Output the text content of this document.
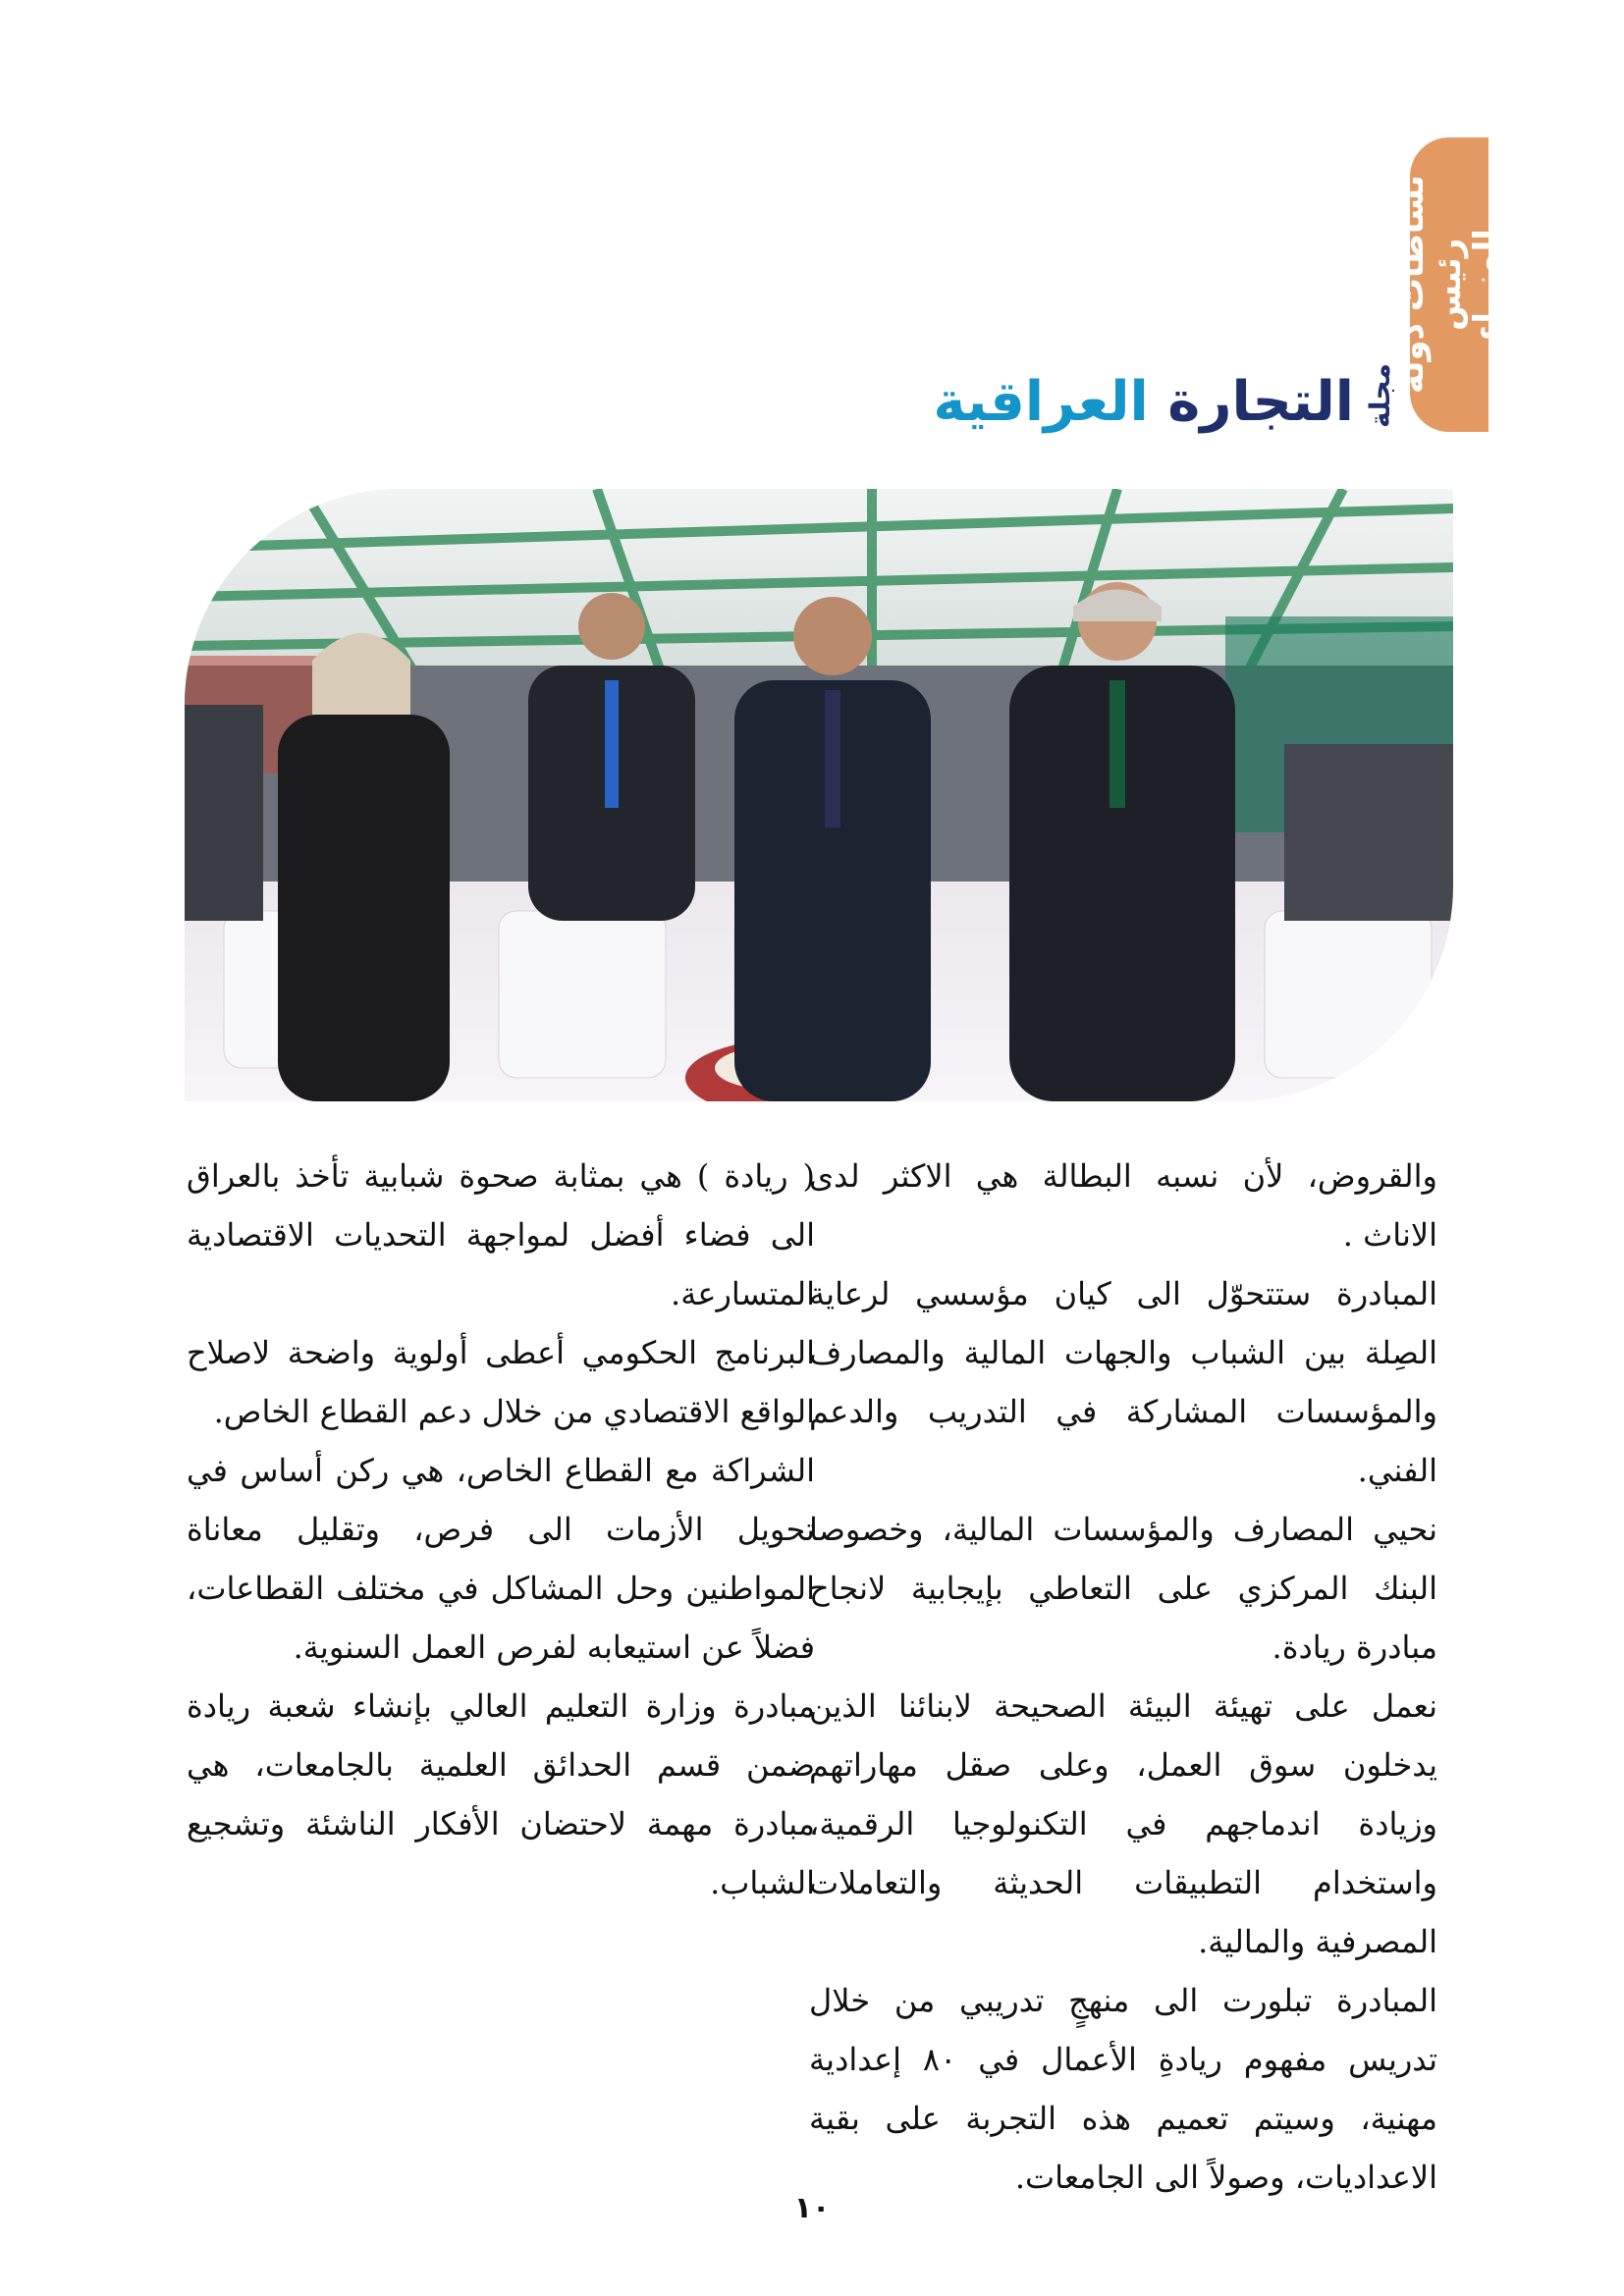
نشاطات دولة رئيس
الوزراء
مجلة
التجارة العراقية

والقروض، لأن نسبه البطالة هي الاكثر لدى الاناث .

المبادرة ستتحوّل الى كيان مؤسسي لرعاية الصِلة بين الشباب والجهات المالية والمصارف والمؤسسات المشاركة في التدريب والدعم الفني.

نحيي المصارف والمؤسسات المالية، وخصوصا البنك المركزي على التعاطي بإيجابية لانجاح مبادرة ريادة.

نعمل على تهيئة البيئة الصحيحة لابنائنا الذين يدخلون سوق العمل، وعلى صقل مهاراتهم وزيادة اندماجهم في التكنولوجيا الرقمية، واستخدام التطبيقات الحديثة والتعاملات المصرفية والمالية.

المبادرة تبلورت الى منهجٍ تدريبي من خلال تدريس مفهوم ريادةِ الأعمال في ٨٠ إعدادية مهنية، وسيتم تعميم هذه التجربة على بقية الاعداديات، وصولاً الى الجامعات.

( ريادة ) هي بمثابة صحوة شبابية تأخذ بالعراق الى فضاء أفضل لمواجهة التحديات الاقتصادية المتسارعة.

البرنامج الحكومي أعطى أولوية واضحة لاصلاح الواقع الاقتصادي من خلال دعم القطاع الخاص.

الشراكة مع القطاع الخاص، هي ركن أساس في تحويل الأزمات الى فرص، وتقليل معاناة المواطنين وحل المشاكل في مختلف القطاعات، فضلاً عن استيعابه لفرص العمل السنوية.

مبادرة وزارة التعليم العالي بإنشاء شعبة ريادة ضمن قسم الحدائق العلمية بالجامعات، هي مبادرة مهمة لاحتضان الأفكار الناشئة وتشجيع الشباب.

١٠
